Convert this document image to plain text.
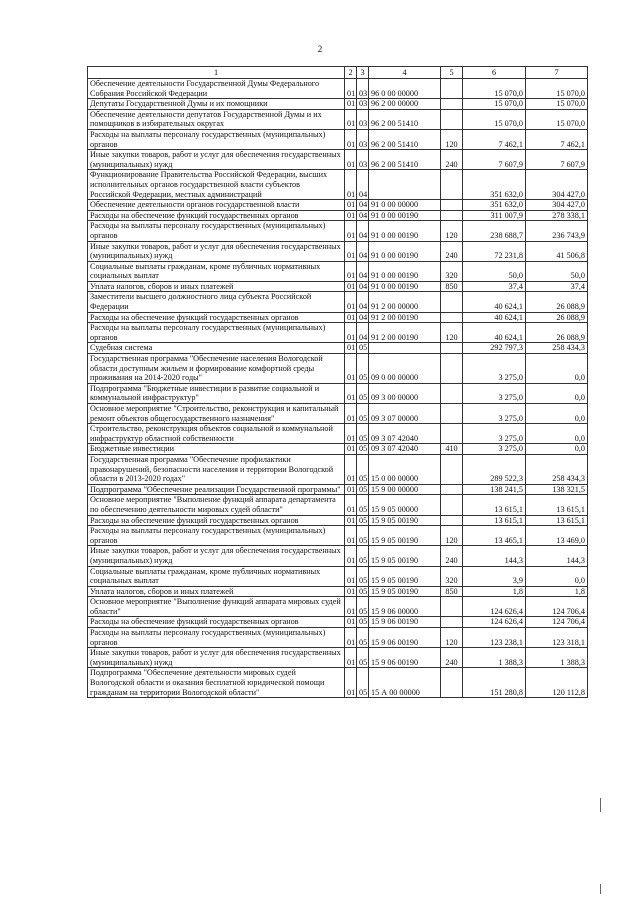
2
1	2	3	4	5	6	7
Обеспечение деятельности Государственной Думы Федерального Собрания Российской Федерации	01	03	96 0 00 00000		15 070,0	15 070,0
Депутаты Государственной Думы и их помощники	01	03	96 2 00 00000		15 070,0	15 070,0
Обеспечение деятельности депутатов Государственной Думы и их помощников в избирательных округах	01	03	96 2 00 51410		15 070,0	15 070,0
Расходы на выплаты персоналу государственных (муниципальных) органов	01	03	96 2 00 51410	120	7 462,1	7 462,1
Иные закупки товаров, работ и услуг для обеспечения государственных (муниципальных) нужд	01	03	96 2 00 51410	240	7 607,9	7 607,9
Функционирование Правительства Российской Федерации, высших исполнительных органов государственной власти субъектов Российской Федерации, местных администраций	01	04			351 632,0	304 427,0
Обеспечение деятельности органов государственной власти	01	04	91 0 00 00000		351 632,0	304 427,0
Расходы на обеспечение функций государственных органов	01	04	91 0 00 00190		311 007,9	278 338,1
Расходы на выплаты персоналу государственных (муниципальных) органов	01	04	91 0 00 00190	120	238 688,7	236 743,9
Иные закупки товаров, работ и услуг для обеспечения государственных (муниципальных) нужд	01	04	91 0 00 00190	240	72 231,8	41 506,8
Социальные выплаты гражданам, кроме публичных нормативных социальных выплат	01	04	91 0 00 00190	320	50,0	50,0
Уплата налогов, сборов и иных платежей	01	04	91 0 00 00190	850	37,4	37,4
Заместители высшего должностного лица субъекта Российской Федерации	01	04	91 2 00 00000		40 624,1	26 088,9
Расходы на обеспечение функций государственных органов	01	04	91 2 00 00190		40 624,1	26 088,9
Расходы на выплаты персоналу государственных (муниципальных) органов	01	04	91 2 00 00190	120	40 624,1	26 088,9
Судебная система	01	05			292 797,3	258 434,3
Государственная программа "Обеспечение населения Вологодской области доступным жильем и формирование комфортной среды проживания на 2014-2020 годы"	01	05	09 0 00 00000		3 275,0	0,0
Подпрограмма "Бюджетные инвестиции в развитие социальной и коммунальной инфраструктур"	01	05	09 3 00 00000		3 275,0	0,0
Основное мероприятие "Строительство, реконструкция и капитальный ремонт объектов общегосударственного назначения"	01	05	09 3 07 00000		3 275,0	0,0
Строительство, реконструкция объектов социальной и коммунальной инфраструктур областной собственности	01	05	09 3 07 42040		3 275,0	0,0
Бюджетные инвестиции	01	05	09 3 07 42040	410	3 275,0	0,0
Государственная программа "Обеспечение профилактики правонарушений, безопасности населения и территории Вологодской области в 2013-2020 годах"	01	05	15 0 00 00000		289 522,3	258 434,3
Подпрограмма "Обеспечение реализации Государственной программы"	01	05	15 9 00 00000		138 241,5	138 321,5
Основное мероприятие "Выполнение функций аппарата департамента по обеспечению деятельности мировых судей области"	01	05	15 9 05 00000		13 615,1	13 615,1
Расходы на обеспечение функций государственных органов	01	05	15 9 05 00190		13 615,1	13 615,1
Расходы на выплаты персоналу государственных (муниципальных) органов	01	05	15 9 05 00190	120	13 465,1	13 469,0
Иные закупки товаров, работ и услуг для обеспечения государственных (муниципальных) нужд	01	05	15 9 05 00190	240	144,3	144,3
Социальные выплаты гражданам, кроме публичных нормативных социальных выплат	01	05	15 9 05 00190	320	3,9	0,0
Уплата налогов, сборов и иных платежей	01	05	15 9 05 00190	850	1,8	1,8
Основное мероприятие "Выполнение функций аппарата мировых судей области"	01	05	15 9 06 00000		124 626,4	124 706,4
Расходы на обеспечение функций государственных органов	01	05	15 9 06 00190		124 626,4	124 706,4
Расходы на выплаты персоналу государственных (муниципальных) органов	01	05	15 9 06 00190	120	123 238,1	123 318,1
Иные закупки товаров, работ и услуг для обеспечения государственных (муниципальных) нужд	01	05	15 9 06 00190	240	1 388,3	1 388,3
Подпрограмма "Обеспечение деятельности мировых судей Вологодской области и оказания бесплатной юридической помощи гражданам на территории Вологодской области"	01	05	15 А 00 00000		151 280,8	120 112,8
